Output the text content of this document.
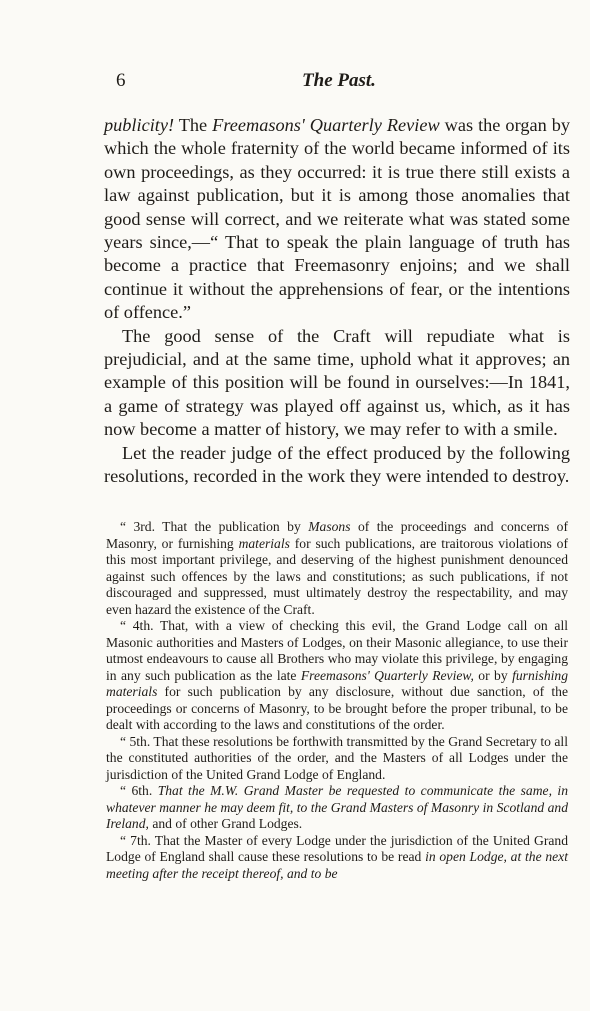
6	The Past.

publicity! The Freemasons' Quarterly Review was the organ by which the whole fraternity of the world became informed of its own proceedings, as they occurred: it is true there still exists a law against publication, but it is among those anomalies that good sense will correct, and we reiterate what was stated some years since,—“ That to speak the plain language of truth has become a practice that Freemasonry enjoins; and we shall continue it without the apprehensions of fear, or the intentions of offence.”

The good sense of the Craft will repudiate what is prejudicial, and at the same time, uphold what it approves; an example of this position will be found in ourselves:—In 1841, a game of strategy was played off against us, which, as it has now become a matter of history, we may refer to with a smile.

Let the reader judge of the effect produced by the following resolutions, recorded in the work they were intended to destroy.

“ 3rd. That the publication by Masons of the proceedings and concerns of Masonry, or furnishing materials for such publications, are traitorous violations of this most important privilege, and deserving of the highest punishment denounced against such offences by the laws and constitutions; as such publications, if not discouraged and suppressed, must ultimately destroy the respectability, and may even hazard the existence of the Craft.

“ 4th. That, with a view of checking this evil, the Grand Lodge call on all Masonic authorities and Masters of Lodges, on their Masonic allegiance, to use their utmost endeavours to cause all Brothers who may violate this privilege, by engaging in any such publication as the late Freemasons' Quarterly Review, or by furnishing materials for such publication by any disclosure, without due sanction, of the proceedings or concerns of Masonry, to be brought before the proper tribunal, to be dealt with according to the laws and constitutions of the order.

“ 5th. That these resolutions be forthwith transmitted by the Grand Secretary to all the constituted authorities of the order, and the Masters of all Lodges under the jurisdiction of the United Grand Lodge of England.

“ 6th. That the M.W. Grand Master be requested to communicate the same, in whatever manner he may deem fit, to the Grand Masters of Masonry in Scotland and Ireland, and of other Grand Lodges.

“ 7th. That the Master of every Lodge under the jurisdiction of the United Grand Lodge of England shall cause these resolutions to be read in open Lodge, at the next meeting after the receipt thereof, and to be
